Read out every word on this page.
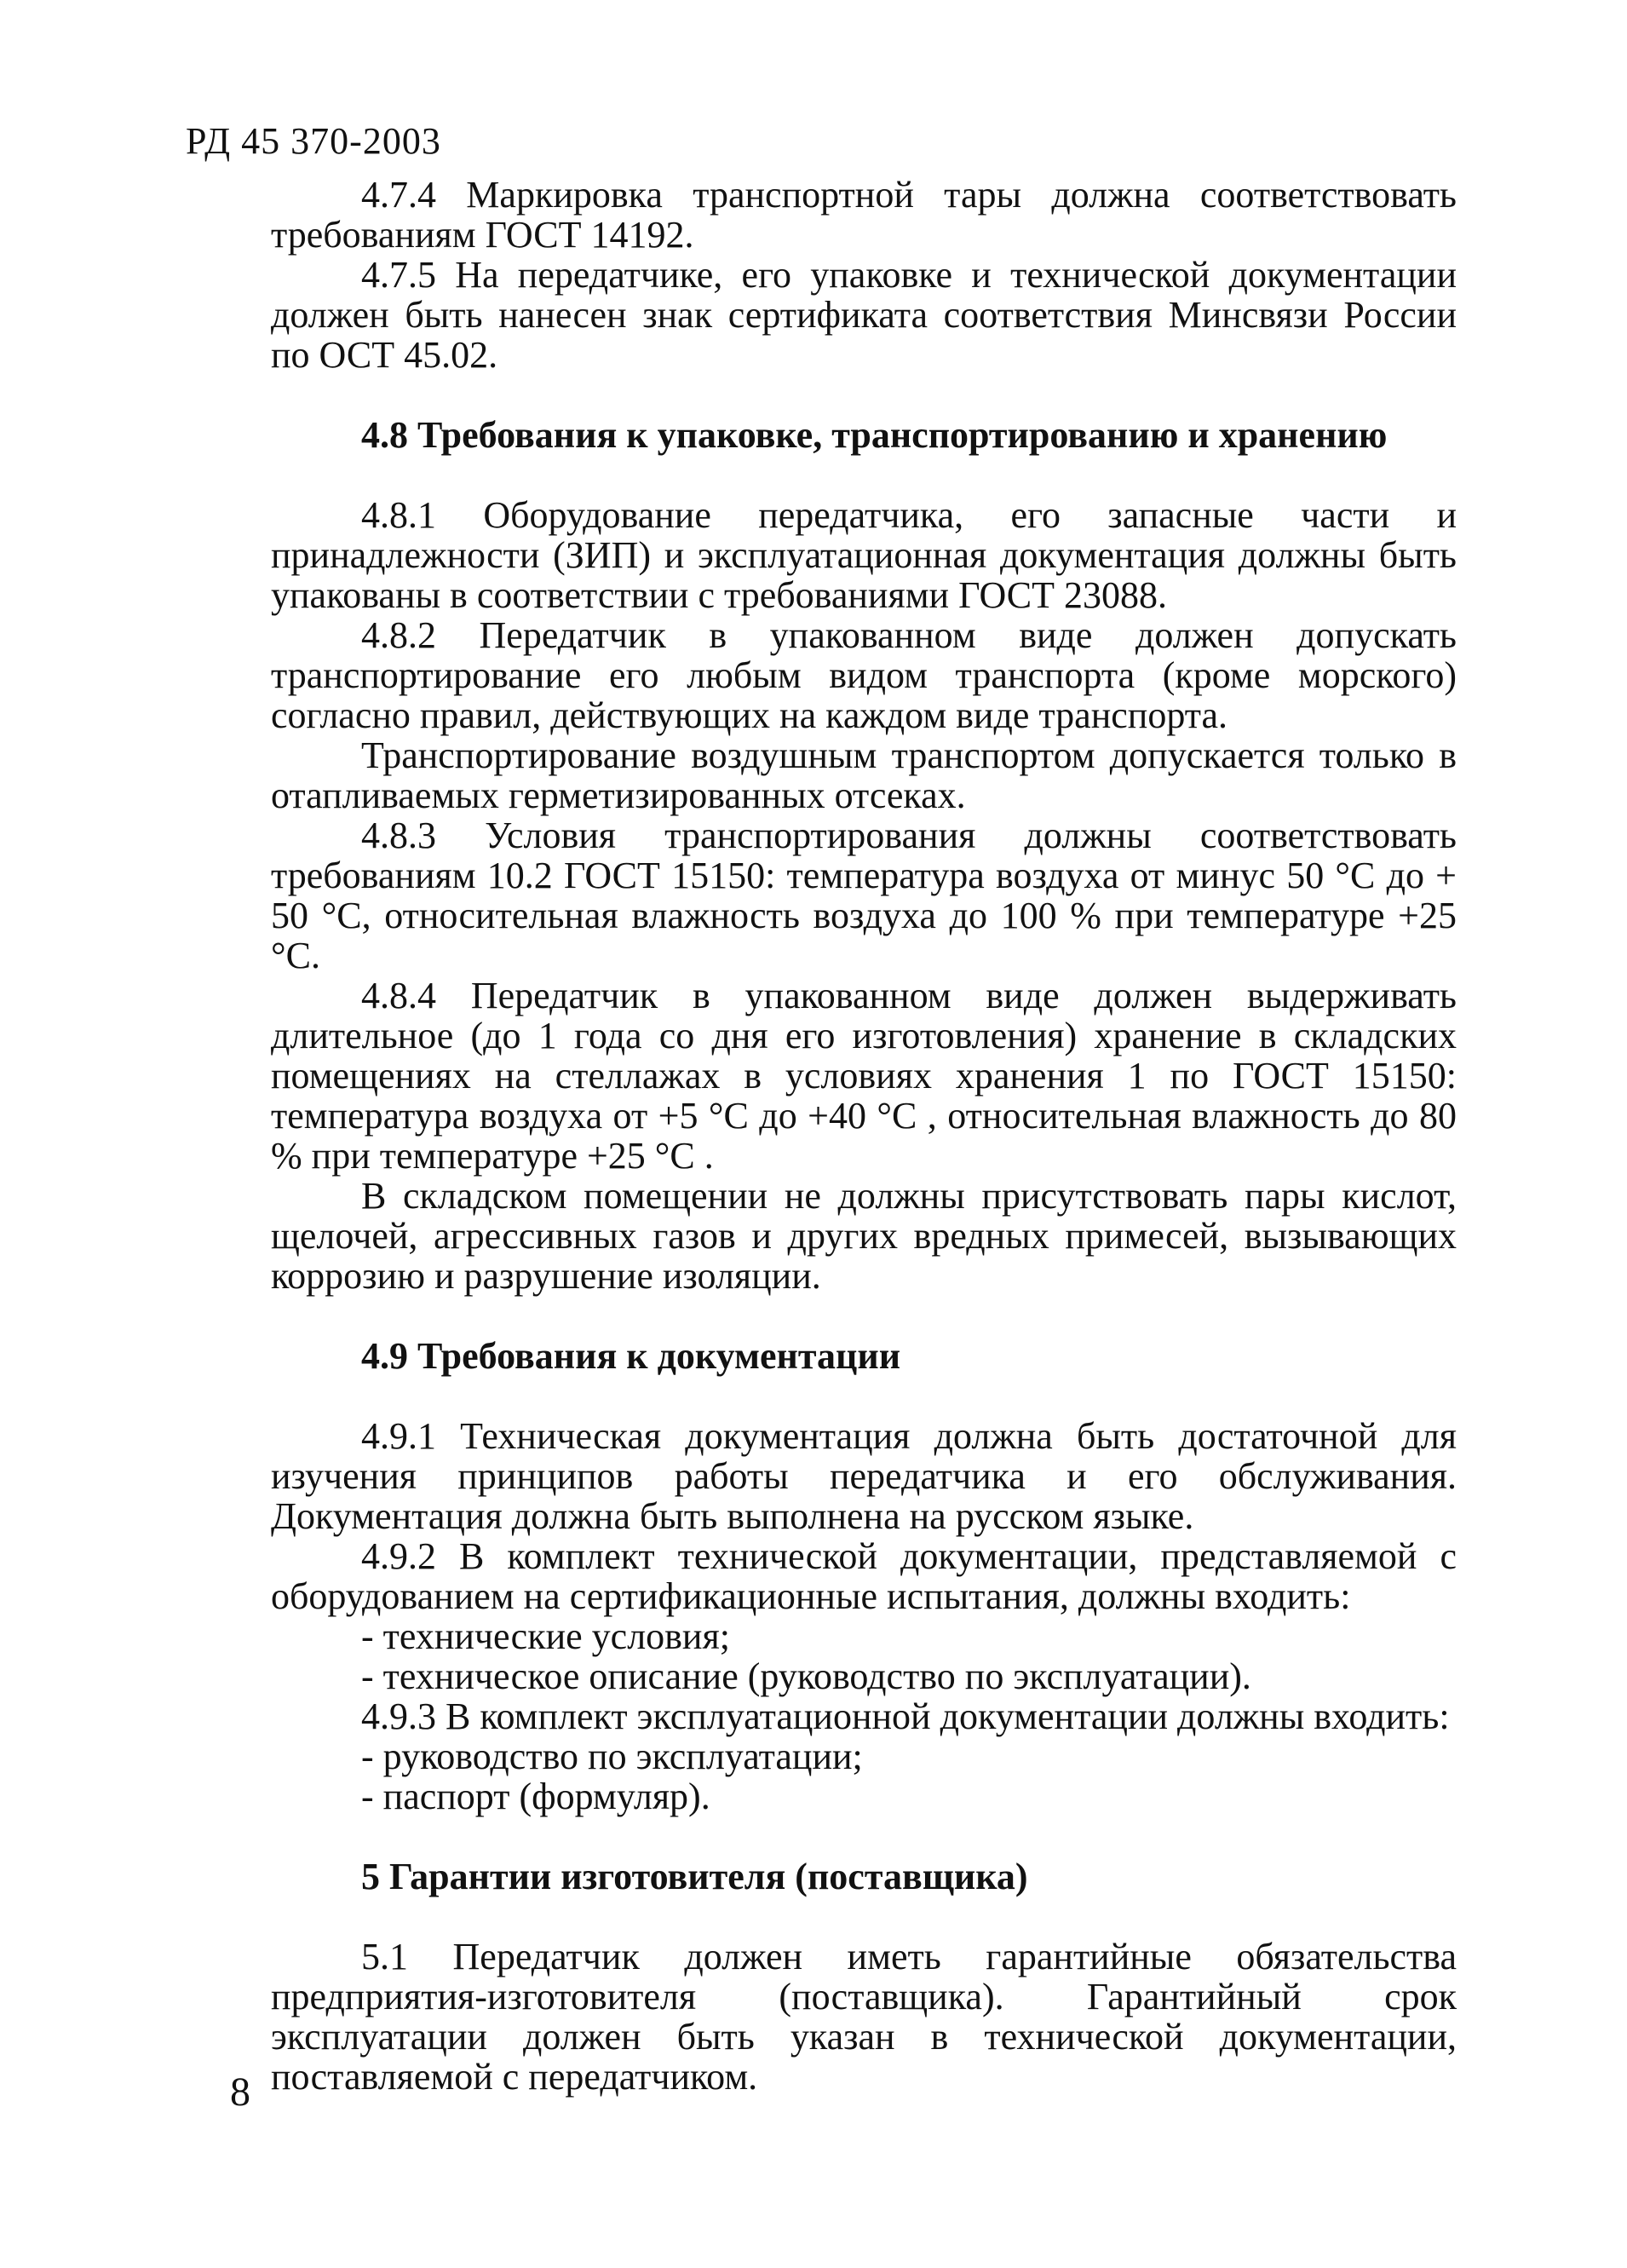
РД 45 370-2003

4.7.4 Маркировка транспортной тары должна соответствовать требованиям ГОСТ 14192.

4.7.5 На передатчике, его упаковке и технической документации должен быть нанесен знак сертификата соответствия Минсвязи России по ОСТ 45.02.

4.8 Требования к упаковке, транспортированию и хранению

4.8.1 Оборудование передатчика, его запасные части и принадлежности (ЗИП) и эксплуатационная документация должны быть упакованы в соответствии с требованиями ГОСТ 23088.

4.8.2 Передатчик в упакованном виде должен допускать транспортирование его любым видом транспорта (кроме морского) согласно правил, действующих на каждом виде транспорта.

Транспортирование воздушным транспортом допускается только в отапливаемых герметизированных отсеках.

4.8.3 Условия транспортирования должны соответствовать требованиям 10.2 ГОСТ 15150: температура воздуха от минус 50 °С до + 50 °С, относительная влажность воздуха до 100 % при температуре +25 °С.

4.8.4 Передатчик в упакованном виде должен выдерживать длительное (до 1 года со дня его изготовления) хранение в складских помещениях на стеллажах в условиях хранения 1 по ГОСТ 15150: температура воздуха от +5 °С до +40 °С , относительная влажность до 80 % при температуре +25 °С .

В складском помещении не должны присутствовать пары кислот, щелочей, агрессивных газов и других вредных примесей, вызывающих коррозию и разрушение изоляции.

4.9 Требования к документации

4.9.1 Техническая документация должна быть достаточной для изучения принципов работы передатчика и его обслуживания. Документация должна быть выполнена на русском языке.

4.9.2 В комплект технической документации, представляемой с оборудованием на сертификационные испытания, должны входить:

- технические условия;

- техническое описание (руководство по эксплуатации).

4.9.3 В комплект эксплуатационной документации должны входить:

- руководство по эксплуатации;

- паспорт (формуляр).

5 Гарантии изготовителя (поставщика)

5.1 Передатчик должен иметь гарантийные обязательства предприятия-изготовителя (поставщика). Гарантийный срок эксплуатации должен быть указан в технической документации, поставляемой с передатчиком.

8
